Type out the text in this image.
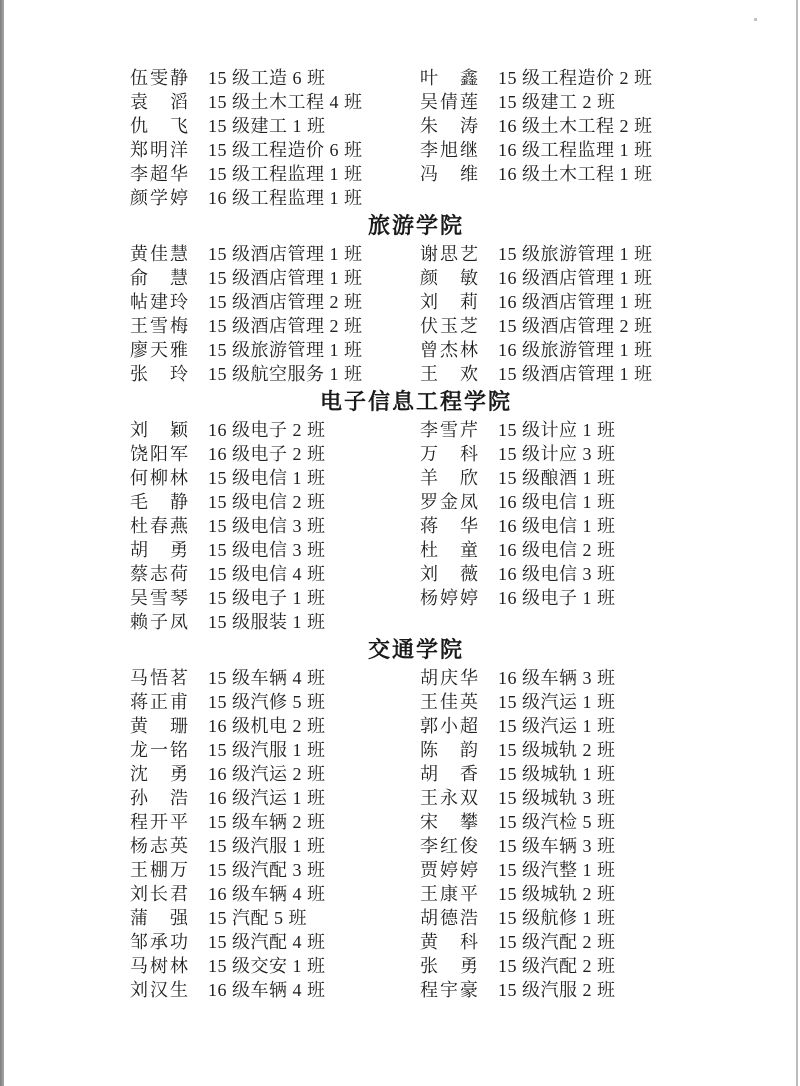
伍雯静 15 级工造 6 班
袁滔 15 级土木工程 4 班
仇飞 15 级建工 1 班
郑明洋 15 级工程造价 6 班
李超华 15 级工程监理 1 班
颜学婷 16 级工程监理 1 班
叶鑫 15 级工程造价 2 班
吴倩莲 15 级建工 2 班
朱涛 16 级土木工程 2 班
李旭继 16 级工程监理 1 班
冯维 16 级土木工程 1 班
旅游学院
黄佳慧 15 级酒店管理 1 班
俞慧 15 级酒店管理 1 班
帖建玲 15 级酒店管理 2 班
王雪梅 15 级酒店管理 2 班
廖天雅 15 级旅游管理 1 班
张玲 15 级航空服务 1 班
谢思艺 15 级旅游管理 1 班
颜敏 16 级酒店管理 1 班
刘莉 16 级酒店管理 1 班
伏玉芝 15 级酒店管理 2 班
曾杰林 16 级旅游管理 1 班
王欢 15 级酒店管理 1 班
电子信息工程学院
刘颖 16 级电子 2 班
饶阳军 16 级电子 2 班
何柳林 15 级电信 1 班
毛静 15 级电信 2 班
杜春燕 15 级电信 3 班
胡勇 15 级电信 3 班
蔡志荷 15 级电信 4 班
吴雪琴 15 级电子 1 班
赖子凤 15 级服装 1 班
李雪芹 15 级计应 1 班
万科 15 级计应 3 班
羊欣 15 级酿酒 1 班
罗金凤 16 级电信 1 班
蒋华 16 级电信 1 班
杜童 16 级电信 2 班
刘薇 16 级电信 3 班
杨婷婷 16 级电子 1 班
交通学院
马悟茗 15 级车辆 4 班
蒋正甫 15 级汽修 5 班
黄珊 16 级机电 2 班
龙一铭 15 级汽服 1 班
沈勇 16 级汽运 2 班
孙浩 16 级汽运 1 班
程开平 15 级车辆 2 班
杨志英 15 级汽服 1 班
王棚万 15 级汽配 3 班
刘长君 16 级车辆 4 班
蒲强 15 汽配 5 班
邹承功 15 级汽配 4 班
马树林 15 级交安 1 班
刘汉生 16 级车辆 4 班
胡庆华 16 级车辆 3 班
王佳英 15 级汽运 1 班
郭小超 15 级汽运 1 班
陈韵 15 级城轨 2 班
胡香 15 级城轨 1 班
王永双 15 级城轨 3 班
宋攀 15 级汽检 5 班
李红俊 15 级车辆 3 班
贾婷婷 15 级汽整 1 班
王康平 15 级城轨 2 班
胡德浩 15 级航修 1 班
黄科 15 级汽配 2 班
张勇 15 级汽配 2 班
程宇豪 15 级汽服 2 班
